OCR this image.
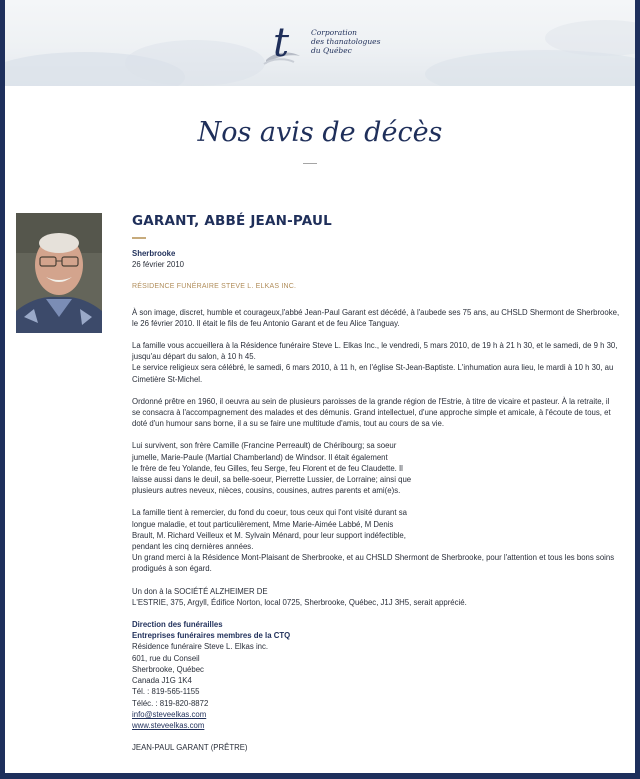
t	Corporation
des thanatologues
du Québec
Nos avis de décès
GARANT, ABBÉ JEAN-PAUL
Sherbrooke
26 février 2010
RÉSIDENCE FUNÉRAIRE STEVE L. ELKAS INC.
À son image, discret, humble et courageux,l'abbé Jean-Paul Garant est décédé, à l'aubede ses 75 ans, au CHSLD Shermont de Sherbrooke,
le 26 février 2010. Il était le fils de feu Antonio Garant et de feu Alice Tanguay.
La famille vous accueillera à la Résidence funéraire Steve L. Elkas Inc., le vendredi, 5 mars 2010, de 19 h à 21 h 30, et le samedi, de 9 h 30,
jusqu'au départ du salon, à 10 h 45.
Le service religieux sera célébré, le samedi, 6 mars 2010, à 11 h, en l'église St-Jean-Baptiste. L'inhumation aura lieu, le mardi à 10 h 30, au
Cimetière St-Michel.
Ordonné prêtre en 1960, il oeuvra au sein de plusieurs paroisses de la grande région de l'Estrie, à titre de vicaire et pasteur. À la retraite, il
se consacra à l'accompagnement des malades et des démunis. Grand intellectuel, d'une approche simple et amicale, à l'écoute de tous, et
doté d'un humour sans borne, il a su se faire une multitude d'amis, tout au cours de sa vie.
Lui survivent, son frère Camille (Francine Perreault) de Chéribourg; sa soeur
jumelle, Marie-Paule (Martial Chamberland) de Windsor. Il était également
le frère de feu Yolande, feu Gilles, feu Serge, feu Florent et de feu Claudette. Il
laisse aussi dans le deuil, sa belle-soeur, Pierrette Lussier, de Lorraine; ainsi que
plusieurs autres neveux, nièces, cousins, cousines, autres parents et ami(e)s.
La famille tient à remercier, du fond du coeur, tous ceux qui l'ont visité durant sa
longue maladie, et tout particulièrement, Mme Marie-Aimée Labbé, M Denis
Brault, M. Richard Veilleux et M. Sylvain Ménard, pour leur support indéfectible,
pendant les cinq dernières années.
Un grand merci à la Résidence Mont-Plaisant de Sherbrooke, et au CHSLD Shermont de Sherbrooke, pour l'attention et tous les bons soins
prodigués à son égard.
Un don à la SOCIÉTÉ ALZHEIMER DE
L'ESTRIE, 375, Argyll, Édifice Norton, local 0725, Sherbrooke, Québec, J1J 3H5, serait apprécié.
Direction des funérailles
Entreprises funéraires membres de la CTQ
Résidence funéraire Steve L. Elkas inc.
601, rue du Conseil
Sherbrooke, Québec
Canada J1G 1K4
Tél. : 819-565-1155
Téléc. : 819-820-8872
info@steveelkas.com
www.steveelkas.com
JEAN-PAUL GARANT (PRÊTRE)
